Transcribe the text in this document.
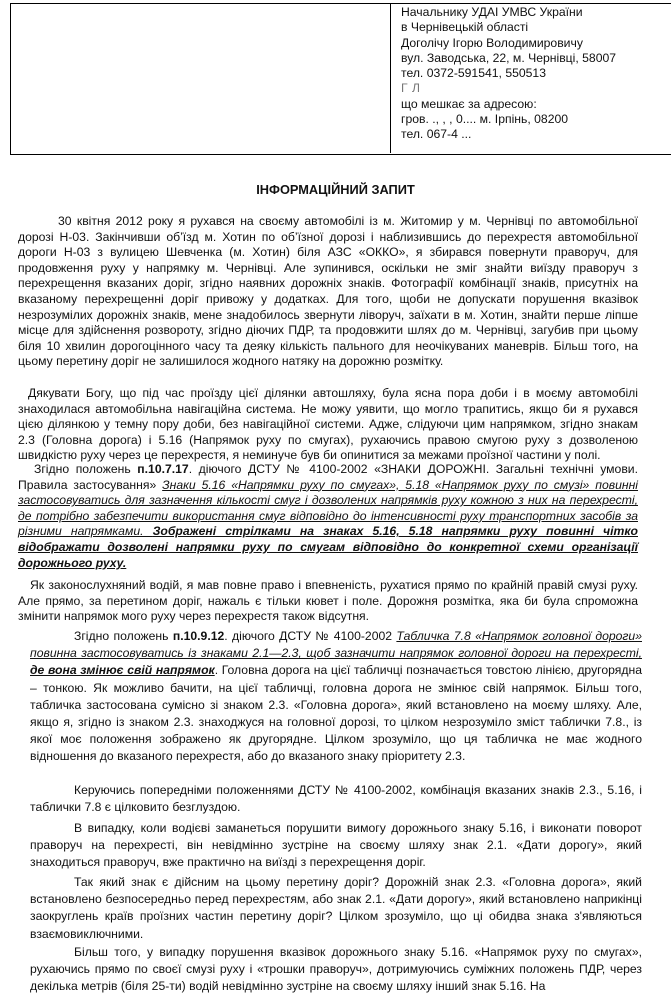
Начальнику УДАІ УМВС України
в Чернівецькій області
Доголічу Ігорю Володимировичу
вул. Заводська, 22, м. Чернівці, 58007
тел. 0372-591541, 550513
Г Л
що мешкає за адресою:
гров. ., , , 0.... м. Ірпінь, 08200
тел. 067-4 ...
ІНФОРМАЦІЙНИЙ ЗАПИТ
30 квітня 2012 року я рухався на своєму автомобілі із м. Житомир у м. Чернівці по автомобільної дорозі Н-03. Закінчивши об’їзд м. Хотин по об’їзної дорозі і наблизившись до перехрестя автомобільної дороги Н-03 з вулицею Шевченка (м. Хотин) біля АЗС «ОККО», я збирався повернути праворуч, для продовження руху у напрямку м. Чернівці. Але зупинився, оскільки не зміг знайти виїзду праворуч з перехрещення вказаних доріг, згідно наявних дорожніх знаків. Фотографії комбінації знаків, присутніх на вказаному перехрещенні доріг привожу у додатках. Для того, щоби не допускати порушення вказівок незрозумілих дорожніх знаків, мене знадобилось звернути ліворуч, заїхати в м. Хотин, знайти перше ліпше місце для здійснення розвороту, згідно діючих ПДР, та продовжити шлях до м. Чернівці, загубив при цьому біля 10 хвилин дорогоцінного часу та деяку кількість пального для неочікуваних маневрів. Більш того, на цьому перетину доріг не залишилося жодного натяку на дорожню розмітку.
Дякувати Богу, що під час проїзду цієї ділянки автошляху, була ясна пора доби і в моєму автомобілі знаходилася автомобільна навігаційна система. Не можу уявити, що могло трапитись, якщо би я рухався цією ділянкою у темну пору доби, без навігаційної системи. Адже, слідуючи цим напрямком, згідно знакам 2.3 (Головна дорога) і 5.16 (Напрямок руху по смугах), рухаючись правою смугою руху з дозволеною швидкістю руху через це перехрестя, я неминуче був би опинитися за межами проїзної частини у полі.
Згідно положень п.10.7.17. діючого ДСТУ № 4100-2002 «ЗНАКИ ДОРОЖНІ. Загальні технічні умови. Правила застосування» Знаки 5.16 «Напрямки руху по смугах», 5.18 «Напрямок руху по смузі» повинні застосовуватись для зазначення кількості смуг і дозволених напрямків руху кожною з них на перехресті, де потрібно забезпечити використання смуг відповідно до інтенсивності руху транспортних засобів за різними напрямками. Зображені стрілками на знаках 5.16, 5.18 напрямки руху повинні чітко відображати дозволені напрямки руху по смугам відповідно до конкретної схеми організації дорожнього руху.
Як законослухняний водій, я мав повне право і впевненість, рухатися прямо по крайній правій смузі руху. Але прямо, за перетином доріг, нажаль є тільки кювет і поле. Дорожня розмітка, яка би була спроможна змінити напрямок мого руху через перехрестя також відсутня.
Згідно положень п.10.9.12. діючого ДСТУ № 4100-2002 Табличка 7.8 «Напрямок головної дороги» повинна застосовуватись із знаками 2.1—2.3, щоб зазначити напрямок головної дороги на перехресті, де вона змінює свій напрямок. Головна дорога на цієї табличці позначається товстою лінією, другорядна – тонкою. Як можливо бачити, на цієї табличці, головна дорога не змінює свій напрямок. Більш того, табличка застосована сумісно зі знаком 2.3. «Головна дорога», який встановлено на моєму шляху. Але, якщо я, згідно із знаком 2.3. знаходжуся на головної дорозі, то цілком незрозуміло зміст таблички 7.8., із якої моє положення зображено як другорядне. Цілком зрозуміло, що ця табличка не має жодного відношення до вказаного перехрестя, або до вказаного знаку пріоритету 2.3.
Керуючись попередніми положеннями ДСТУ № 4100-2002, комбінація вказаних знаків 2.3., 5.16, і таблички 7.8 є цілковито безглуздою.
В випадку, коли водієві заманеться порушити вимогу дорожнього знаку 5.16, і виконати поворот праворуч на перехресті, він невідмінно зустріне на своєму шляху знак 2.1. «Дати дорогу», який знаходиться праворуч, вже практично на виїзді з перехрещення доріг.
Так який знак є дійсним на цьому перетину доріг? Дорожній знак 2.3. «Головна дорога», який встановлено безпосередньо перед перехрестям, або знак 2.1. «Дати дорогу», який встановлено наприкінці заокруглень країв проїзних частин перетину доріг? Цілком зрозуміло, що ці обидва знака з'являються взаємовиключними.
Більш того, у випадку порушення вказівок дорожнього знаку 5.16. «Напрямок руху по смугах», рухаючись прямо по своєї смузі руху і «трошки праворуч», дотримуючись суміжних положень ПДР, через декілька метрів (біля 25-ти) водій невідмінно зустріне на своєму шляху інший знак 5.16. На
